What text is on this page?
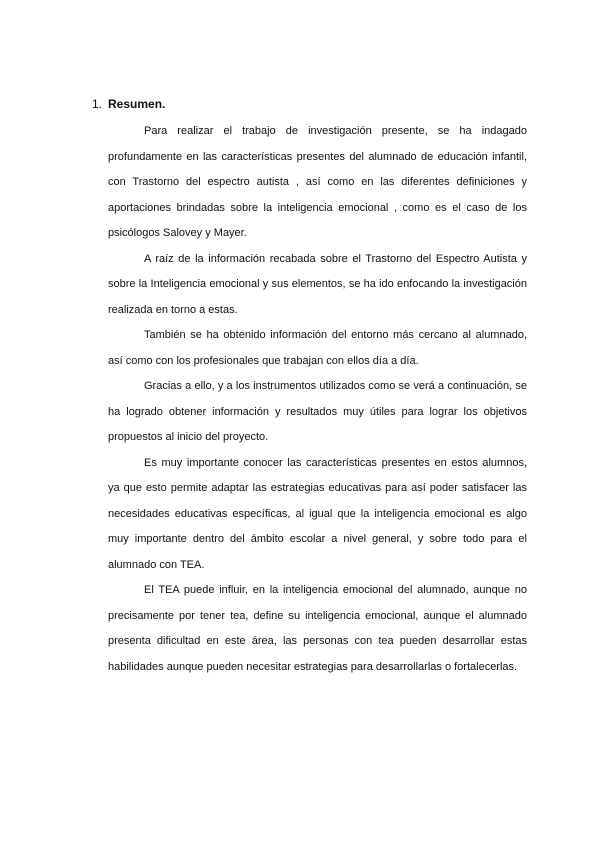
1. Resumen.

Para realizar el trabajo de investigación presente, se ha indagado profundamente en las características presentes del alumnado de educación infantil, con Trastorno del espectro autista , así como en las diferentes definiciones y aportaciones brindadas sobre la inteligencia emocional , como es el caso de los psicólogos Salovey y Mayer.

A raíz de la información recabada sobre el Trastorno del Espectro Autista y sobre la Inteligencia emocional y sus elementos, se ha ido enfocando la investigación realizada en torno a estas.

También se ha obtenido información del entorno más cercano al alumnado, así como con los profesionales que trabajan con ellos día a día.

Gracias a ello, y a los instrumentos utilizados como se verá a continuación, se ha logrado obtener información y resultados muy útiles para lograr los objetivos propuestos al inicio del proyecto.

Es muy importante conocer las características presentes en estos alumnos, ya que esto permite adaptar las estrategias educativas para así poder satisfacer las necesidades educativas específicas, al igual que la inteligencia emocional es algo muy importante dentro del ámbito escolar a nivel general, y sobre todo para el alumnado con TEA.

El TEA puede influir, en la inteligencia emocional del alumnado, aunque no precisamente por tener tea, define su inteligencia emocional, aunque el alumnado presenta dificultad en este área, las personas con tea pueden desarrollar estas habilidades aunque pueden necesitar estrategias para desarrollarlas o fortalecerlas.
